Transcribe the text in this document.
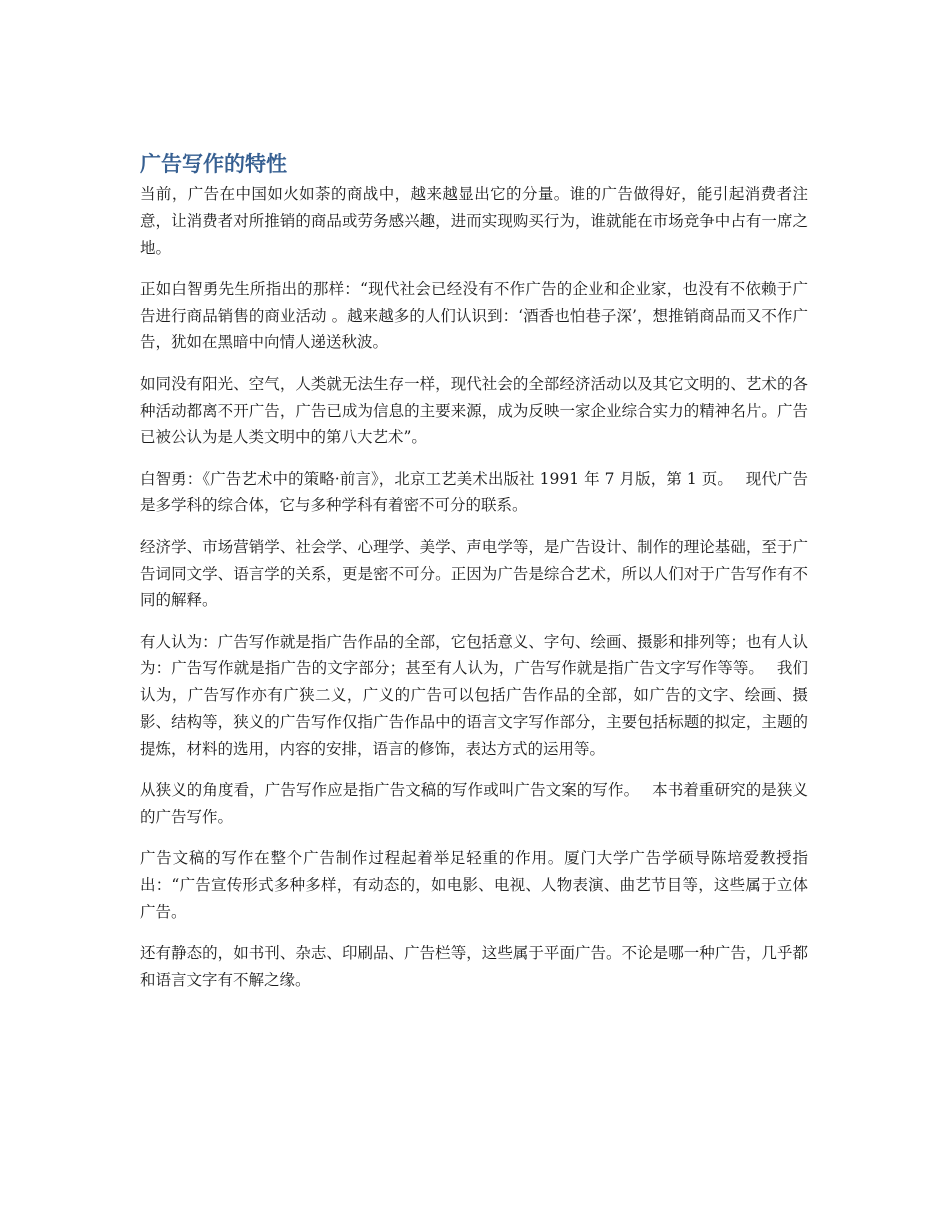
广告写作的特性

当前，广告在中国如火如荼的商战中，越来越显出它的分量。谁的广告做得好，能引起消费者注意，让消费者对所推销的商品或劳务感兴趣，进而实现购买行为，谁就能在市场竞争中占有一席之地。

正如白智勇先生所指出的那样：“现代社会已经没有不作广告的企业和企业家，也没有不依赖于广告进行商品销售的商业活动 。越来越多的人们认识到：‘酒香也怕巷子深’，想推销商品而又不作广告，犹如在黑暗中向情人递送秋波。

如同没有阳光、空气，人类就无法生存一样，现代社会的全部经济活动以及其它文明的、艺术的各种活动都离不开广告，广告已成为信息的主要来源，成为反映一家企业综合实力的精神名片。广告已被公认为是人类文明中的第八大艺术”。

白智勇：《广告艺术中的策略·前言》，北京工艺美术出版社 1991 年 7 月版，第 1 页。　 现代广告是多学科的综合体，它与多种学科有着密不可分的联系。

经济学、市场营销学、社会学、心理学、美学、声电学等，是广告设计、制作的理论基础，至于广告词同文学、语言学的关系，更是密不可分。正因为广告是综合艺术，所以人们对于广告写作有不同的解释。

有人认为：广告写作就是指广告作品的全部，它包括意义、字句、绘画、摄影和排列等；也有人认为：广告写作就是指广告的文字部分；甚至有人认为，广告写作就是指广告文字写作等等。　 我们认为，广告写作亦有广狭二义，广义的广告可以包括广告作品的全部，如广告的文字、绘画、摄影、结构等，狭义的广告写作仅指广告作品中的语言文字写作部分，主要包括标题的拟定，主题的提炼，材料的选用，内容的安排，语言的修饰，表达方式的运用等。

从狭义的角度看，广告写作应是指广告文稿的写作或叫广告文案的写作。　 本书着重研究的是狭义的广告写作。

广告文稿的写作在整个广告制作过程起着举足轻重的作用。厦门大学广告学硕导陈培爱教授指出：“广告宣传形式多种多样，有动态的，如电影、电视、人物表演、曲艺节目等，这些属于立体广告。

还有静态的，如书刊、杂志、印刷品、广告栏等，这些属于平面广告。不论是哪一种广告，几乎都和语言文字有不解之缘。
